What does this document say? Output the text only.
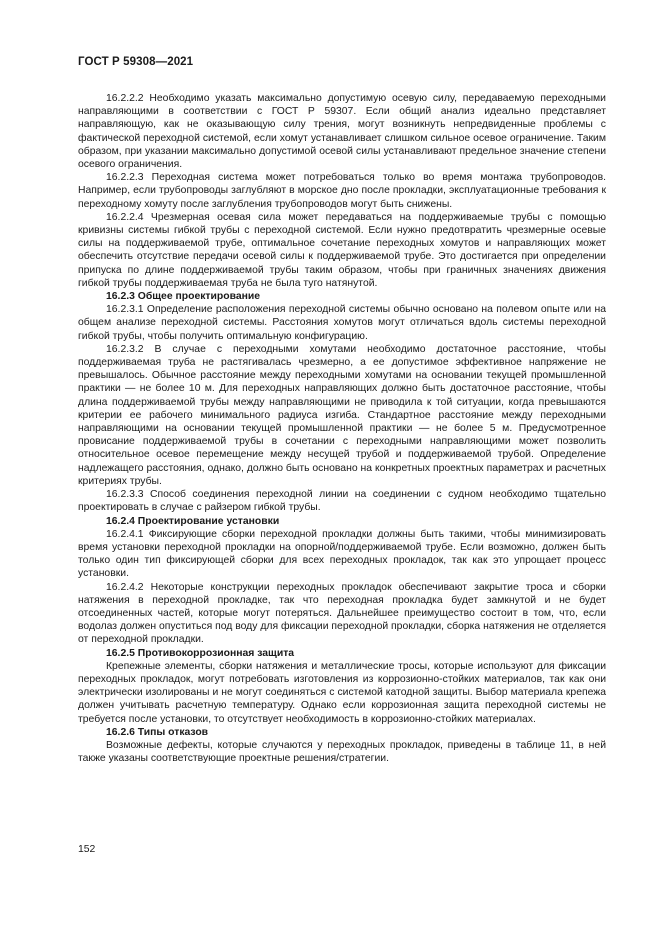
ГОСТ Р 59308—2021

16.2.2.2 Необходимо указать максимально допустимую осевую силу, передаваемую переходными направляющими в соответствии с ГОСТ Р 59307. Если общий анализ идеально представляет направляющую, как не оказывающую силу трения, могут возникнуть непредвиденные проблемы с фактической переходной системой, если хомут устанавливает слишком сильное осевое ограничение. Таким образом, при указании максимально допустимой осевой силы устанавливают предельное значение степени осевого ограничения.

16.2.2.3 Переходная система может потребоваться только во время монтажа трубопроводов. Например, если трубопроводы заглубляют в морское дно после прокладки, эксплуатационные требования к переходному хомуту после заглубления трубопроводов могут быть снижены.

16.2.2.4 Чрезмерная осевая сила может передаваться на поддерживаемые трубы с помощью кривизны системы гибкой трубы с переходной системой. Если нужно предотвратить чрезмерные осевые силы на поддерживаемой трубе, оптимальное сочетание переходных хомутов и направляющих может обеспечить отсутствие передачи осевой силы к поддерживаемой трубе. Это достигается при определении припуска по длине поддерживаемой трубы таким образом, чтобы при граничных значениях движения гибкой трубы поддерживаемая труба не была туго натянутой.

16.2.3 Общее проектирование

16.2.3.1 Определение расположения переходной системы обычно основано на полевом опыте или на общем анализе переходной системы. Расстояния хомутов могут отличаться вдоль системы переходной гибкой трубы, чтобы получить оптимальную конфигурацию.

16.2.3.2 В случае с переходными хомутами необходимо достаточное расстояние, чтобы поддерживаемая труба не растягивалась чрезмерно, а ее допустимое эффективное напряжение не превышалось. Обычное расстояние между переходными хомутами на основании текущей промышленной практики — не более 10 м. Для переходных направляющих должно быть достаточное расстояние, чтобы длина поддерживаемой трубы между направляющими не приводила к той ситуации, когда превышаются критерии ее рабочего минимального радиуса изгиба. Стандартное расстояние между переходными направляющими на основании текущей промышленной практики — не более 5 м. Предусмотренное провисание поддерживаемой трубы в сочетании с переходными направляющими может позволить относительное осевое перемещение между несущей трубой и поддерживаемой трубой. Определение надлежащего расстояния, однако, должно быть основано на конкретных проектных параметрах и расчетных критериях трубы.

16.2.3.3 Способ соединения переходной линии на соединении с судном необходимо тщательно проектировать в случае с райзером гибкой трубы.

16.2.4 Проектирование установки

16.2.4.1 Фиксирующие сборки переходной прокладки должны быть такими, чтобы минимизировать время установки переходной прокладки на опорной/поддерживаемой трубе. Если возможно, должен быть только один тип фиксирующей сборки для всех переходных прокладок, так как это упрощает процесс установки.

16.2.4.2 Некоторые конструкции переходных прокладок обеспечивают закрытие троса и сборки натяжения в переходной прокладке, так что переходная прокладка будет замкнутой и не будет отсоединенных частей, которые могут потеряться. Дальнейшее преимущество состоит в том, что, если водолаз должен опуститься под воду для фиксации переходной прокладки, сборка натяжения не отделяется от переходной прокладки.

16.2.5 Противокоррозионная защита

Крепежные элементы, сборки натяжения и металлические тросы, которые используют для фиксации переходных прокладок, могут потребовать изготовления из коррозионно-стойких материалов, так как они электрически изолированы и не могут соединяться с системой катодной защиты. Выбор материала крепежа должен учитывать расчетную температуру. Однако если коррозионная защита переходной системы не требуется после установки, то отсутствует необходимость в коррозионно-стойких материалах.

16.2.6 Типы отказов

Возможные дефекты, которые случаются у переходных прокладок, приведены в таблице 11, в ней также указаны соответствующие проектные решения/стратегии.

152
